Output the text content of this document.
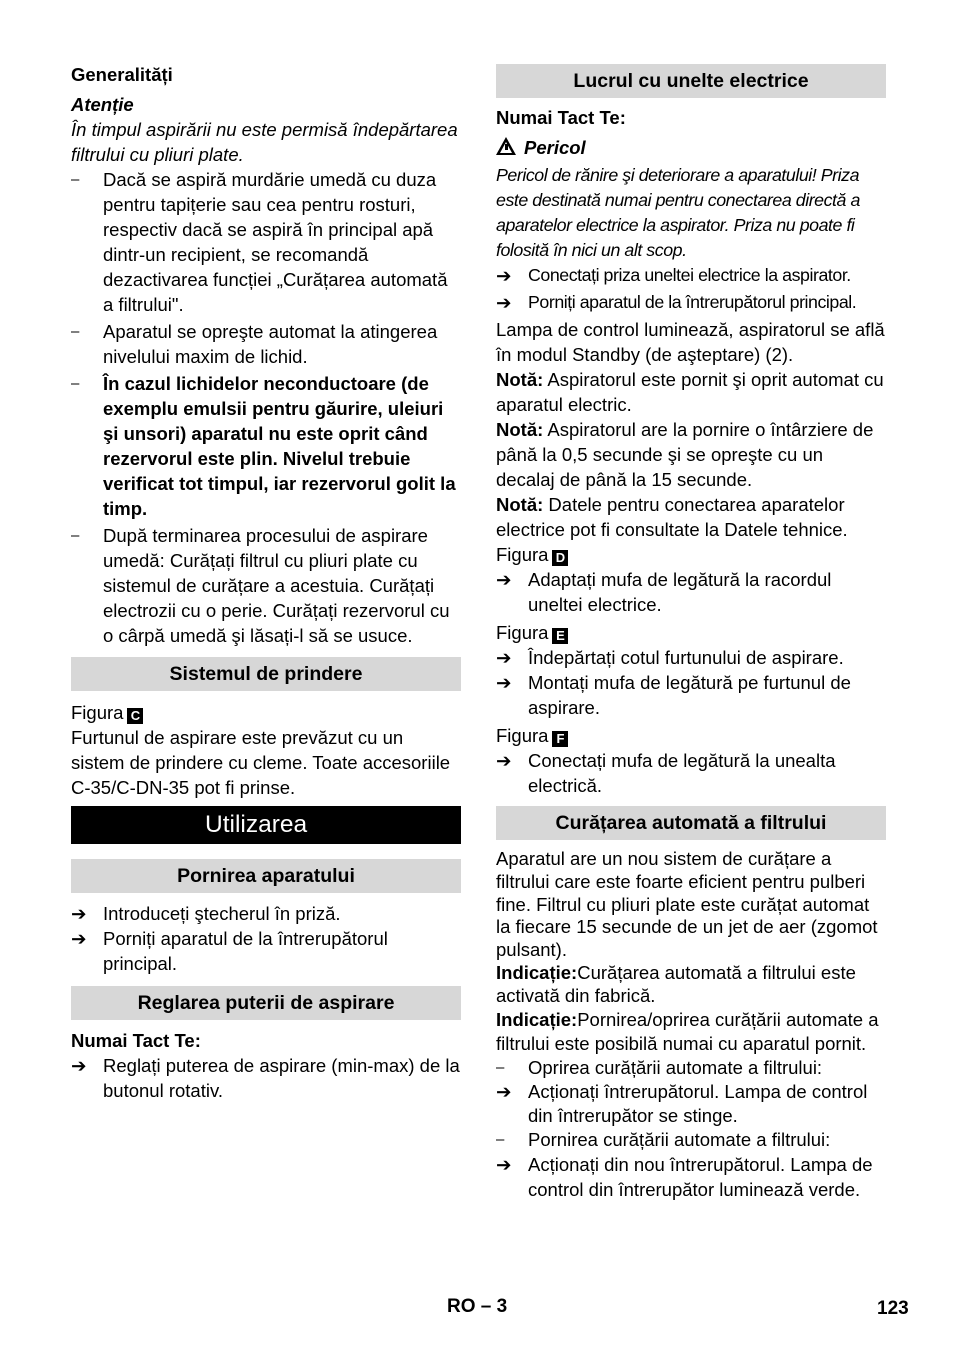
Generalități

Atenție

În timpul aspirării nu este permisă îndepărtarea filtrului cu pliuri plate.

–	Dacă se aspiră murdărie umedă cu duza pentru tapițerie sau cea pentru rosturi, respectiv dacă se aspiră în principal apă dintr-un recipient, se recomandă dezactivarea funcției „Curățarea automată a filtrului".
–	Aparatul se opreşte automat la atingerea nivelului maxim de lichid.
–	În cazul lichidelor neconductoare (de exemplu emulsii pentru găurire, uleiuri şi unsori) aparatul nu este oprit când rezervorul este plin. Nivelul trebuie verificat tot timpul, iar rezervorul golit la timp.
–	După terminarea procesului de aspirare umedă: Curățați filtrul cu pliuri plate cu sistemul de curățare a acestuia. Curățați electrozii cu o perie. Curățați rezervorul cu o cârpă umedă şi lăsați-l să se usuce.

Sistemul de prindere

Figura C

Furtunul de aspirare este prevăzut cu un sistem de prindere cu cleme. Toate accesoriile C-35/C-DN-35 pot fi prinse.

Utilizarea

Pornirea aparatului

➔ Introduceți ştecherul în priză.
➔ Porniți aparatul de la întrerupătorul principal.

Reglarea puterii de aspirare

Numai Tact Te:

➔ Reglați puterea de aspirare (min-max) de la butonul rotativ.

Lucrul cu unelte electrice

Numai Tact Te:

Pericol

Pericol de rănire şi deteriorare a aparatului! Priza este destinată numai pentru conectarea directă a aparatelor electrice la aspirator. Priza nu poate fi folosită în nici un alt scop.

➔ Conectați priza uneltei electrice la aspirator.
➔ Porniți aparatul de la întrerupătorul principal.

Lampa de control luminează, aspiratorul se află în modul Standby (de aşteptare) (2).

Notă: Aspiratorul este pornit şi oprit automat cu aparatul electric.

Notă: Aspiratorul are la pornire o întârziere de până la 0,5 secunde şi se opreşte cu un decalaj de până la 15 secunde.

Notă: Datele pentru conectarea aparatelor electrice pot fi consultate la Datele tehnice.

Figura D

➔ Adaptați mufa de legătură la racordul uneltei electrice.

Figura E

➔ Îndepărtați cotul furtunului de aspirare.
➔ Montați mufa de legătură pe furtunul de aspirare.

Figura F

➔ Conectați mufa de legătură la unealta electrică.

Curățarea automată a filtrului

Aparatul are un nou sistem de curățare a filtrului care este foarte eficient pentru pulberi fine. Filtrul cu pliuri plate este curățat automat la fiecare 15 secunde de un jet de aer (zgomot pulsant).

Indicație:Curățarea automată a filtrului este activată din fabrică.

Indicație:Pornirea/oprirea curățării automate a filtrului este posibilă numai cu aparatul pornit.

–	Oprirea curățării automate a filtrului:
➔ Acționați întrerupătorul. Lampa de control din întrerupător se stinge.
–	Pornirea curățării automate a filtrului:
➔ Acționați din nou întrerupătorul. Lampa de control din întrerupător luminează verde.
RO – 3	123
